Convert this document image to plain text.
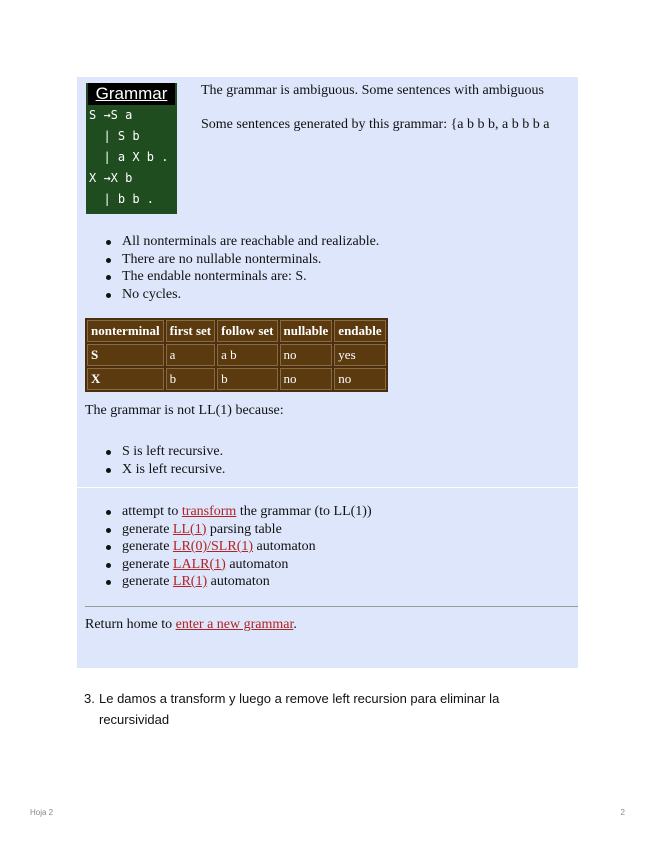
Grammar
S →S a
| S b
| a X b .
X →X b
| b b .
The grammar is ambiguous. Some sentences with ambiguous
Some sentences generated by this grammar: {a b b b, a b b b a
All nonterminals are reachable and realizable.
There are no nullable nonterminals.
The endable nonterminals are: S.
No cycles.
nonterminal	first set	follow set	nullable	endable
S	a	a b	no	yes
X	b	b	no	no
The grammar is not LL(1) because:
S is left recursive.
X is left recursive.
attempt to transform the grammar (to LL(1))
generate LL(1) parsing table
generate LR(0)/SLR(1) automaton
generate LALR(1) automaton
generate LR(1) automaton
Return home to enter a new grammar.
3. Le damos a transform y luego a remove left recursion para eliminar la recursividad
Hoja 2	2
